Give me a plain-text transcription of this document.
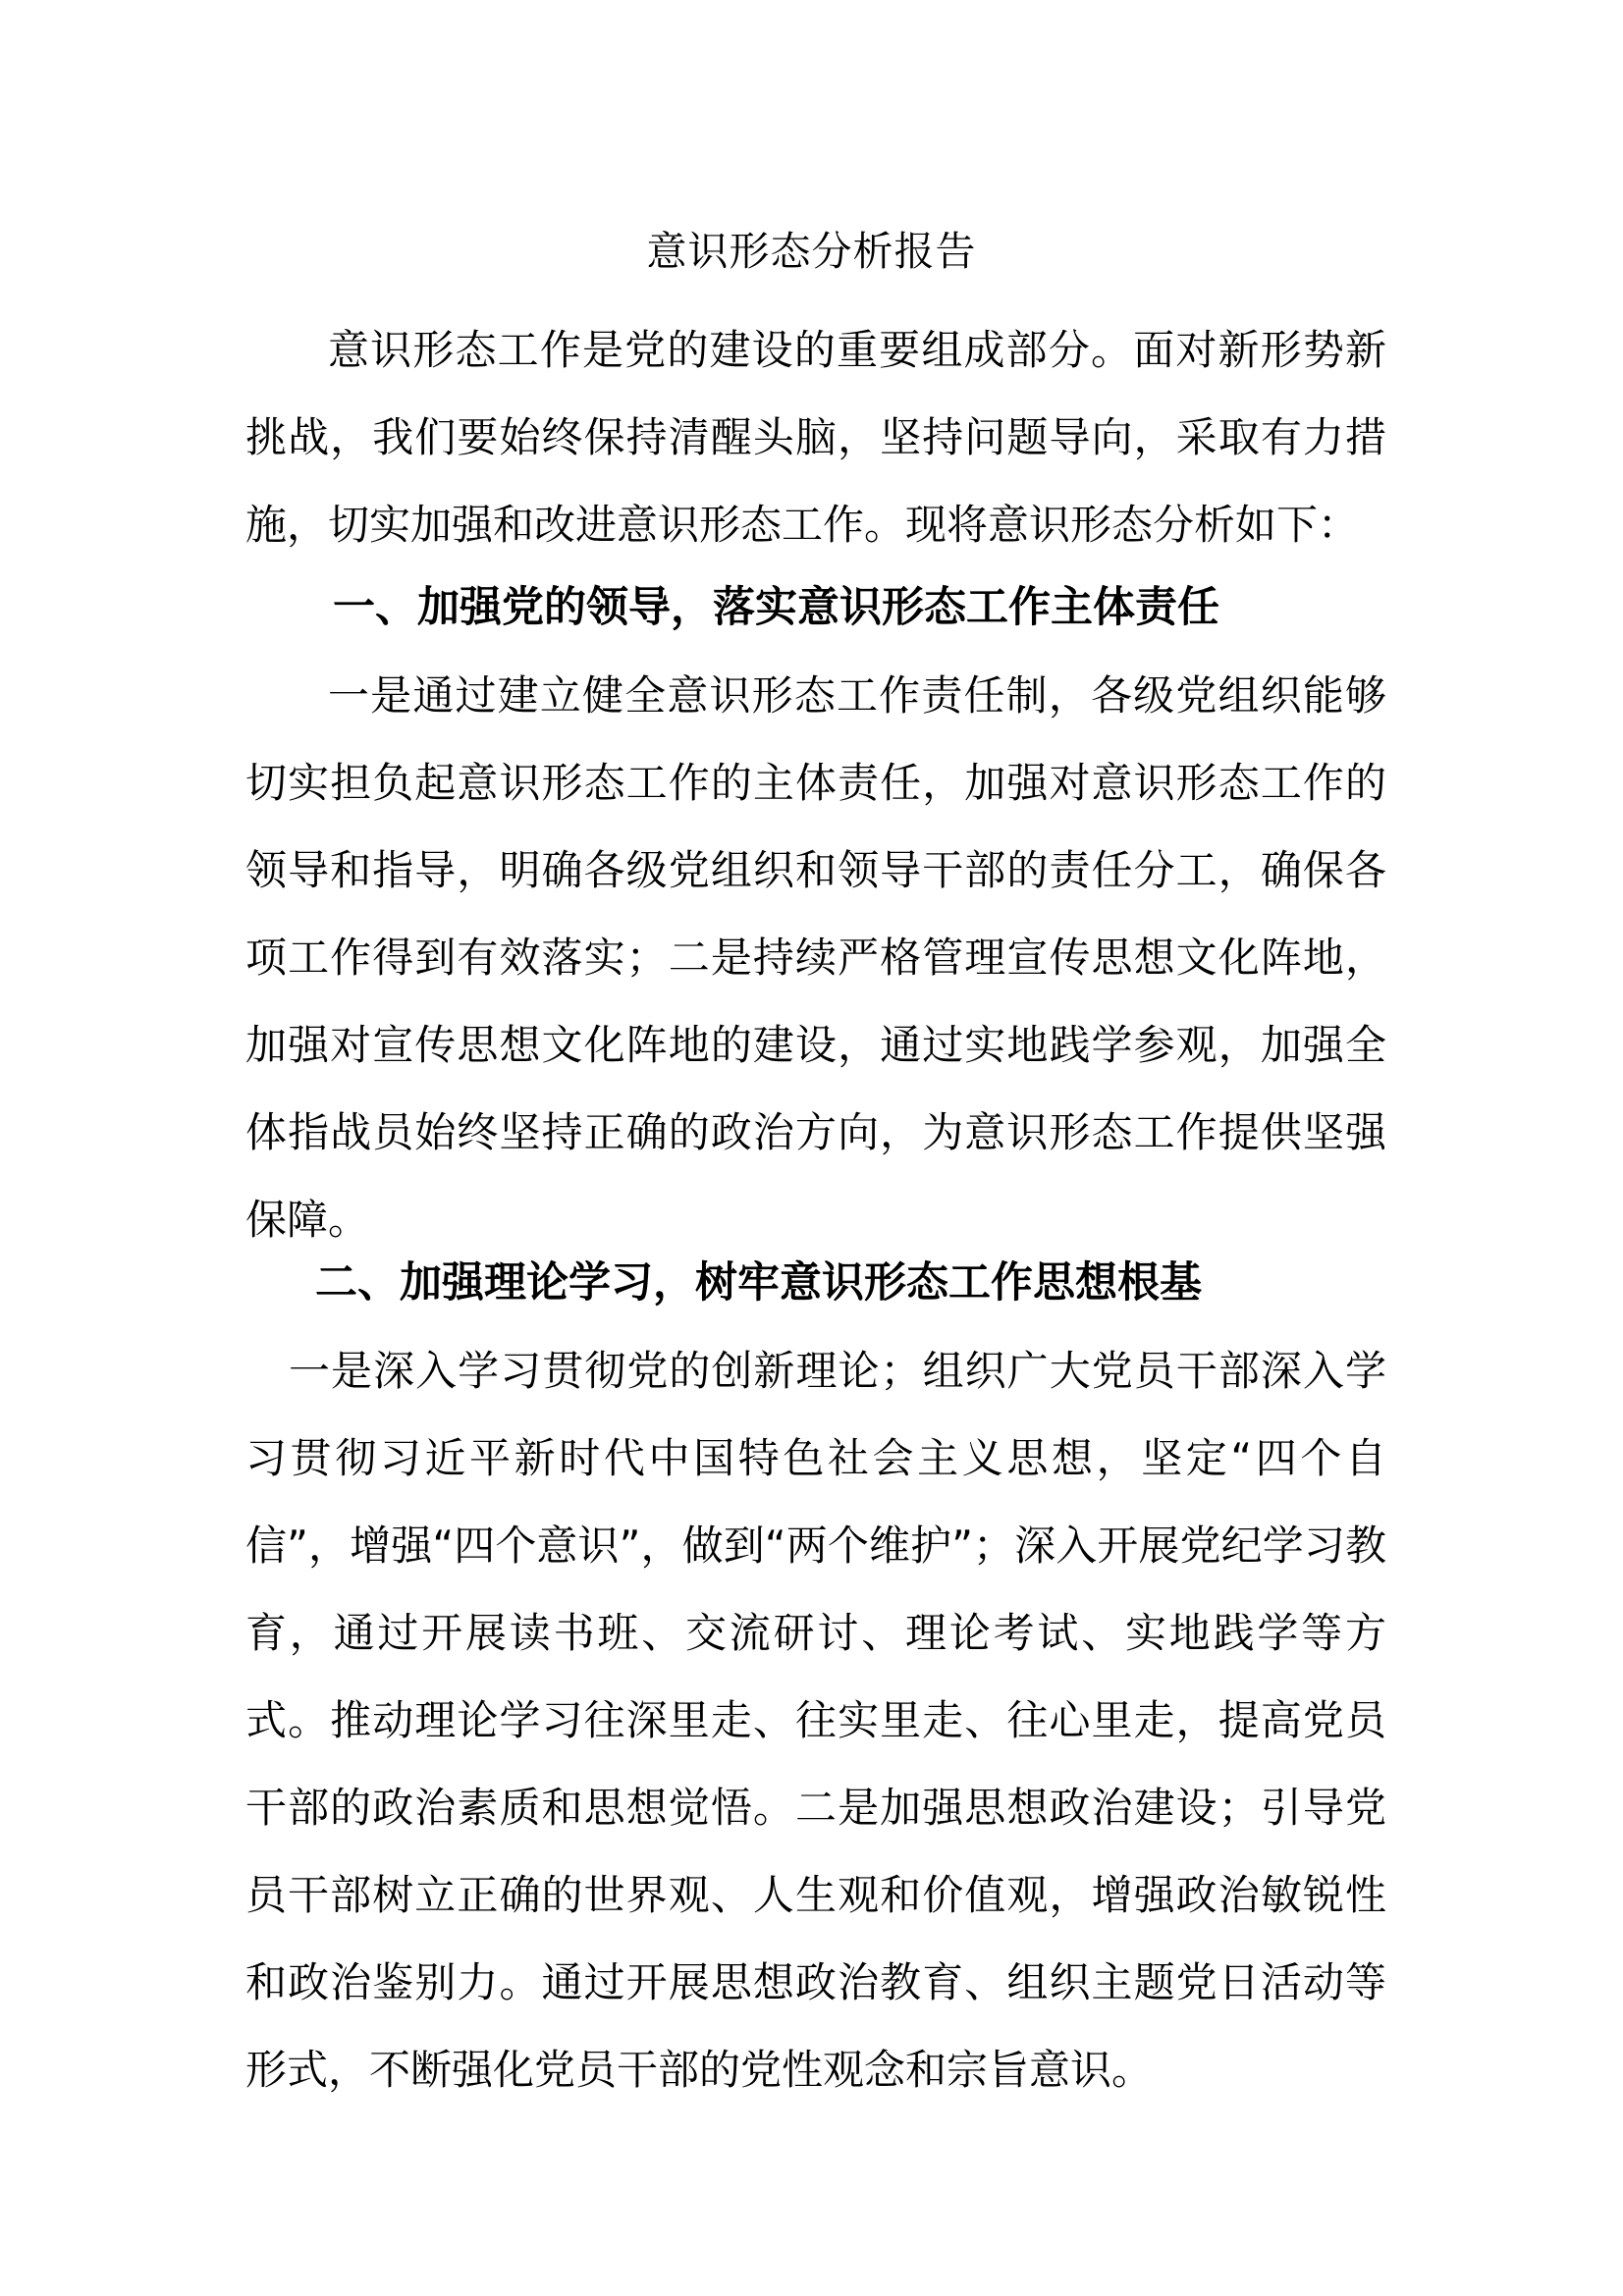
意识形态分析报告

意识形态工作是党的建设的重要组成部分。面对新形势新挑战，我们要始终保持清醒头脑，坚持问题导向，采取有力措施，切实加强和改进意识形态工作。现将意识形态分析如下：

一、加强党的领导，落实意识形态工作主体责任

一是通过建立健全意识形态工作责任制，各级党组织能够切实担负起意识形态工作的主体责任，加强对意识形态工作的领导和指导，明确各级党组织和领导干部的责任分工，确保各项工作得到有效落实；二是持续严格管理宣传思想文化阵地，加强对宣传思想文化阵地的建设，通过实地践学参观，加强全体指战员始终坚持正确的政治方向，为意识形态工作提供坚强保障。

二、加强理论学习，树牢意识形态工作思想根基

一是深入学习贯彻党的创新理论；组织广大党员干部深入学习贯彻习近平新时代中国特色社会主义思想，坚定“四个自信”，增强“四个意识”，做到“两个维护”；深入开展党纪学习教育，通过开展读书班、交流研讨、理论考试、实地践学等方式。推动理论学习往深里走、往实里走、往心里走，提高党员干部的政治素质和思想觉悟。二是加强思想政治建设；引导党员干部树立正确的世界观、人生观和价值观，增强政治敏锐性和政治鉴别力。通过开展思想政治教育、组织主题党日活动等形式，不断强化党员干部的党性观念和宗旨意识。
